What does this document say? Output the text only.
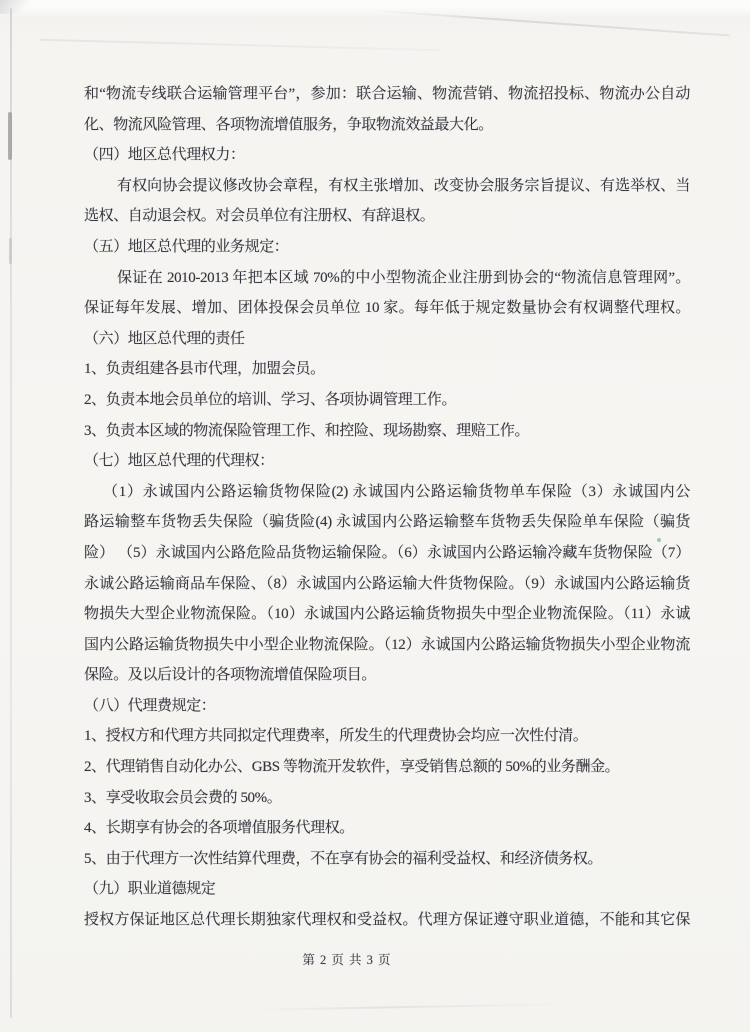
和“物流专线联合运输管理平台”，参加：联合运输、物流营销、物流招投标、物流办公自动
化、物流风险管理、各项物流增值服务，争取物流效益最大化。
（四）地区总代理权力：
有权向协会提议修改协会章程，有权主张增加、改变协会服务宗旨提议、有选举权、当
选权、自动退会权。对会员单位有注册权、有辞退权。
（五）地区总代理的业务规定：
保证在 2010-2013 年把本区域 70%的中小型物流企业注册到协会的“物流信息管理网”。
保证每年发展、增加、团体投保会员单位 10 家。每年低于规定数量协会有权调整代理权。
（六）地区总代理的责任
1、负责组建各县市代理，加盟会员。
2、负责本地会员单位的培训、学习、各项协调管理工作。
3、负责本区域的物流保险管理工作、和控险、现场勘察、理赔工作。
（七）地区总代理的代理权：
（1）永诚国内公路运输货物保险(2) 永诚国内公路运输货物单车保险（3）永诚国内公
路运输整车货物丢失保险（骗货险(4) 永诚国内公路运输整车货物丢失保险单车保险（骗货
险） （5）永诚国内公路危险品货物运输保险。（6）永诚国内公路运输冷藏车货物保险（7）
永诚公路运输商品车保险、（8）永诚国内公路运输大件货物保险。（9）永诚国内公路运输货
物损失大型企业物流保险。（10）永诚国内公路运输货物损失中型企业物流保险。（11）永诚
国内公路运输货物损失中小型企业物流保险。（12）永诚国内公路运输货物损失小型企业物流
保险。及以后设计的各项物流增值保险项目。
（八）代理费规定：
1、授权方和代理方共同拟定代理费率，所发生的代理费协会均应一次性付清。
2、代理销售自动化办公、GBS 等物流开发软件，享受销售总额的 50%的业务酬金。
3、享受收取会员会费的 50%。
4、长期享有协会的各项增值服务代理权。
5、由于代理方一次性结算代理费，不在享有协会的福利受益权、和经济债务权。
（九）职业道德规定
授权方保证地区总代理长期独家代理权和受益权。代理方保证遵守职业道德，不能和其它保
第 2 页 共 3 页
